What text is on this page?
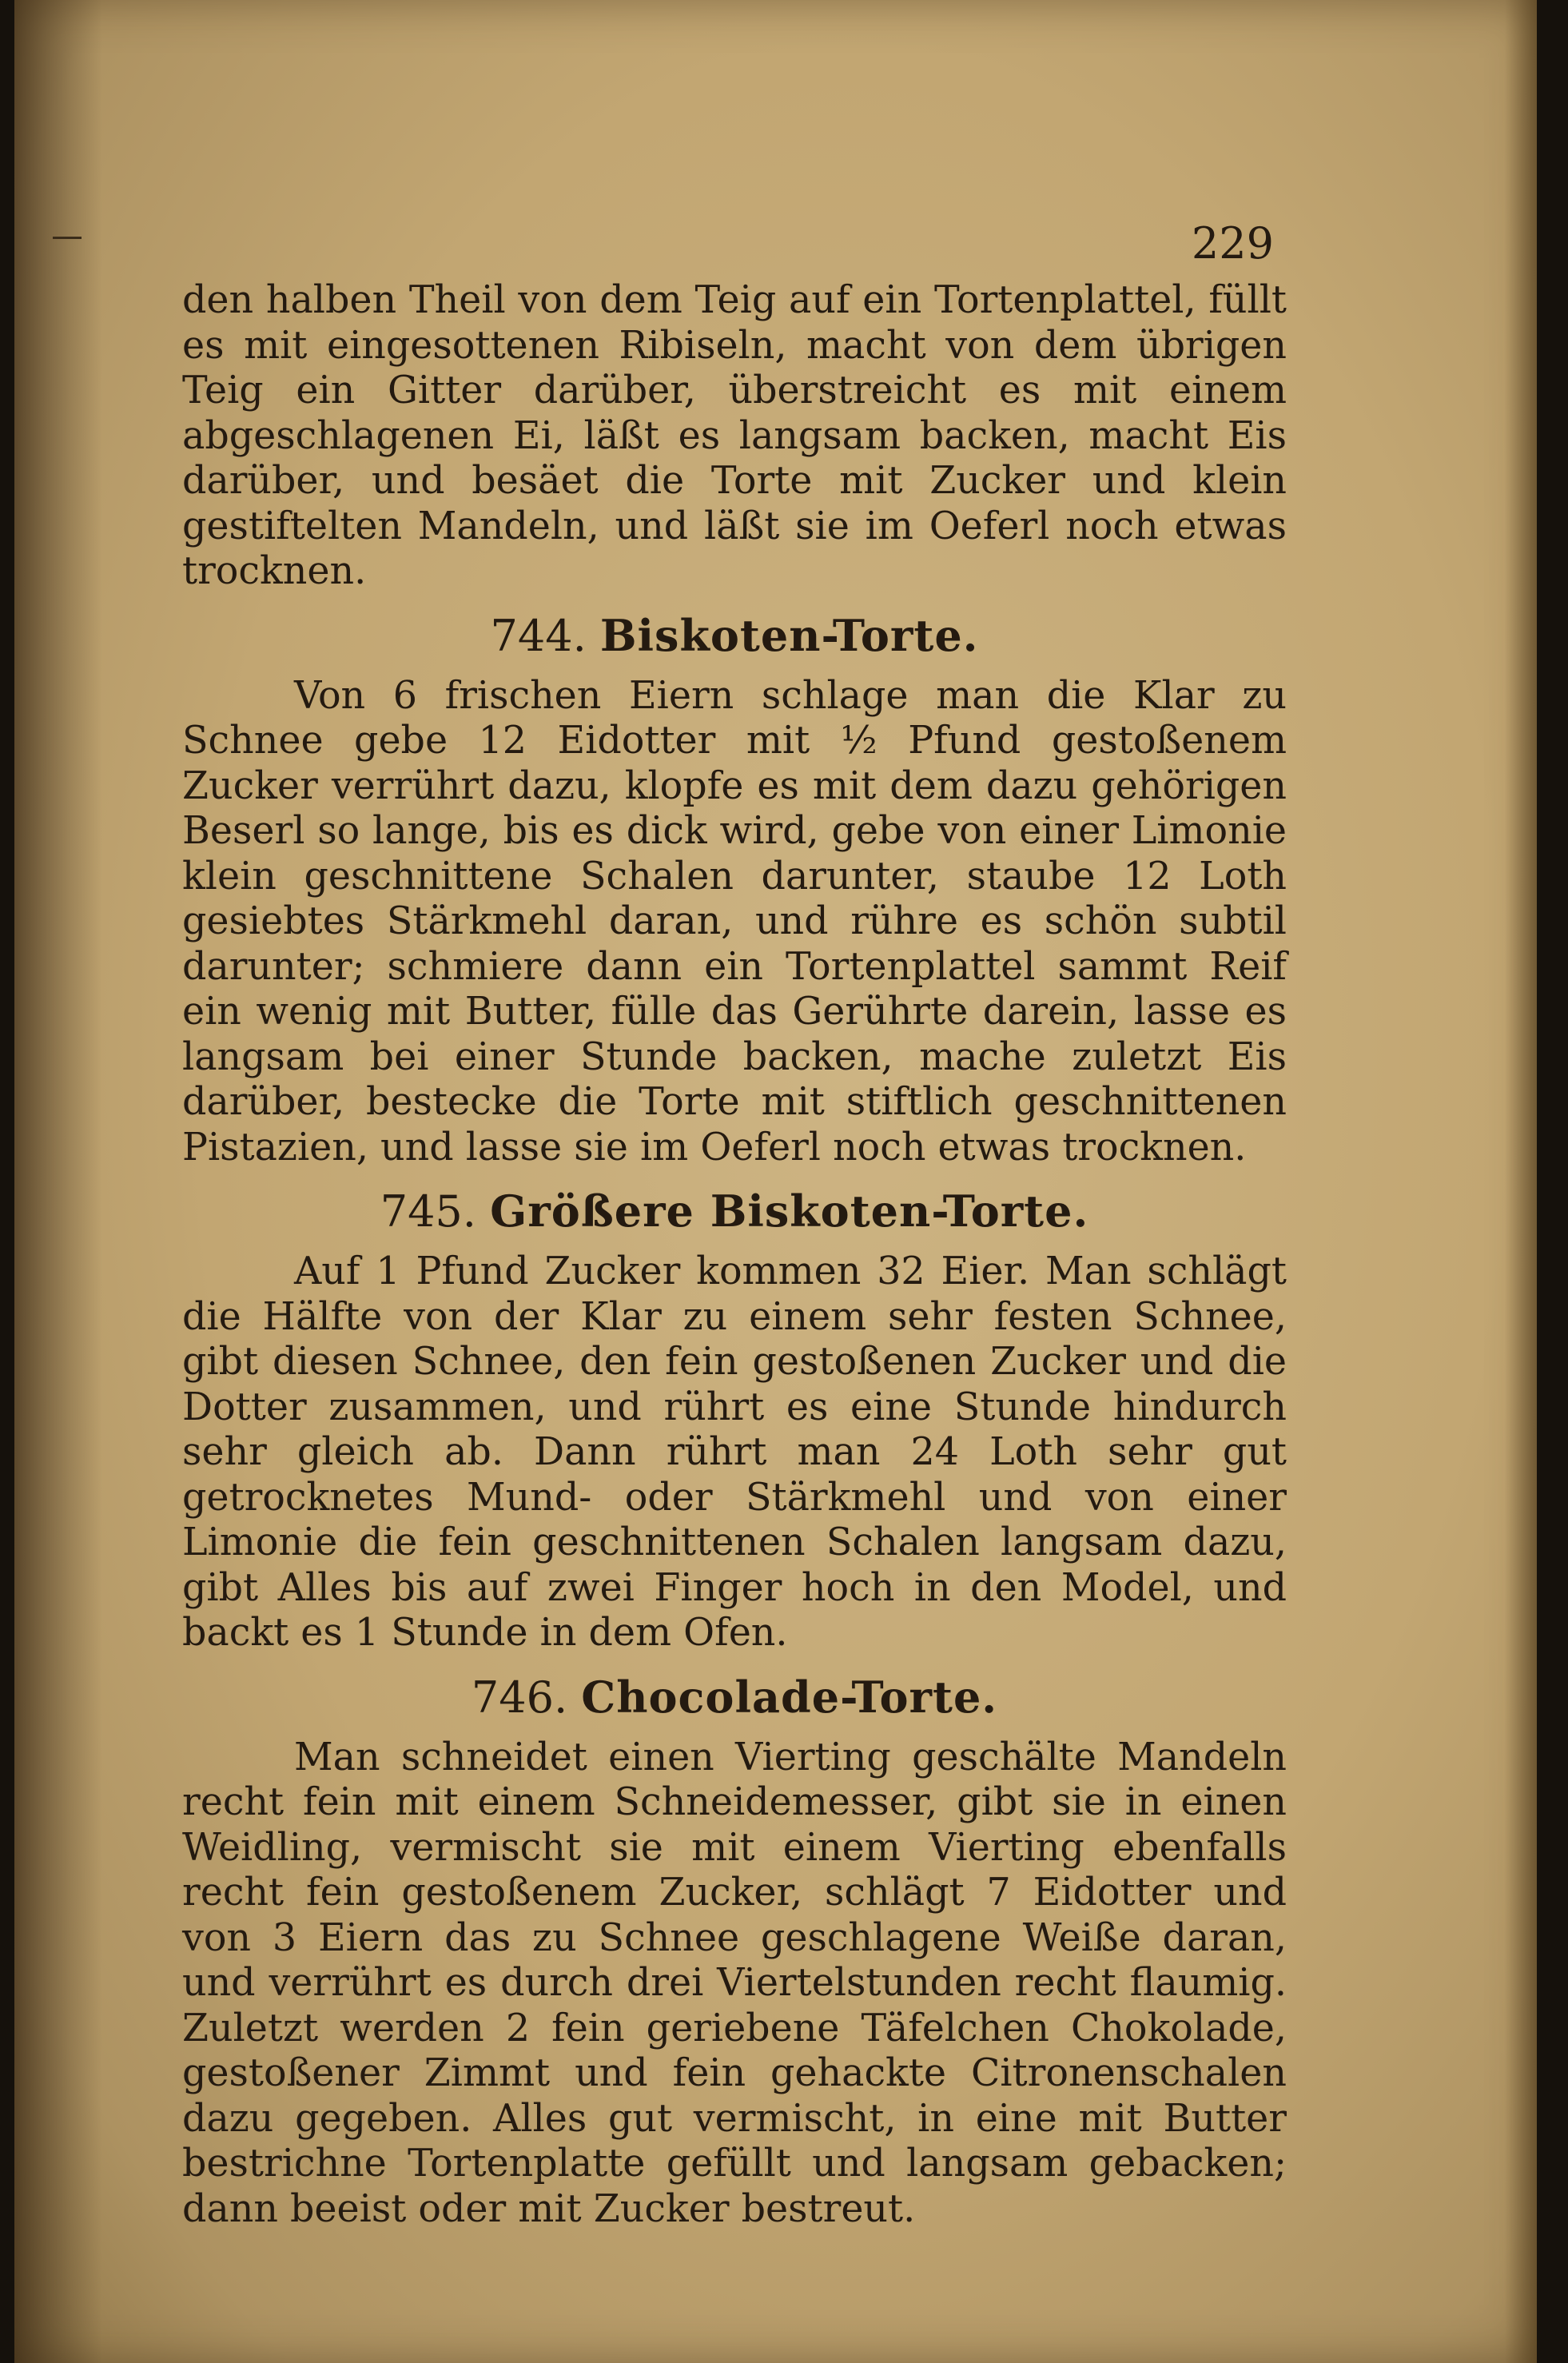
229

den halben Theil von dem Teig auf ein Tortenplattel, füllt es mit eingesottenen Ribiseln, macht von dem übrigen Teig ein Gitter darüber, überstreicht es mit einem abgeschlagenen Ei, läßt es langsam backen, macht Eis darüber, und besäet die Torte mit Zucker und klein gestiftelten Mandeln, und läßt sie im Oeferl noch etwas trocknen.

744. Biskoten-Torte.

Von 6 frischen Eiern schlage man die Klar zu Schnee gebe 12 Eidotter mit ½ Pfund gestoßenem Zucker verrührt dazu, klopfe es mit dem dazu gehörigen Beserl so lange, bis es dick wird, gebe von einer Limonie klein geschnittene Schalen darunter, staube 12 Loth gesiebtes Stärkmehl daran, und rühre es schön subtil darunter; schmiere dann ein Tortenplattel sammt Reif ein wenig mit Butter, fülle das Gerührte darein, lasse es langsam bei einer Stunde backen, mache zuletzt Eis darüber, bestecke die Torte mit stiftlich geschnittenen Pistazien, und lasse sie im Oeferl noch etwas trocknen.

745. Größere Biskoten-Torte.

Auf 1 Pfund Zucker kommen 32 Eier. Man schlägt die Hälfte von der Klar zu einem sehr festen Schnee, gibt diesen Schnee, den fein gestoßenen Zucker und die Dotter zusammen, und rührt es eine Stunde hindurch sehr gleich ab. Dann rührt man 24 Loth sehr gut getrocknetes Mund- oder Stärkmehl und von einer Limonie die fein geschnittenen Schalen langsam dazu, gibt Alles bis auf zwei Finger hoch in den Model, und backt es 1 Stunde in dem Ofen.

746. Chocolade-Torte.

Man schneidet einen Vierting geschälte Mandeln recht fein mit einem Schneidemesser, gibt sie in einen Weidling, vermischt sie mit einem Vierting ebenfalls recht fein gestoßenem Zucker, schlägt 7 Eidotter und von 3 Eiern das zu Schnee geschlagene Weiße daran, und verrührt es durch drei Viertelstunden recht flaumig. Zuletzt werden 2 fein geriebene Täfelchen Chokolade, gestoßener Zimmt und fein gehackte Citronenschalen dazu gegeben. Alles gut vermischt, in eine mit Butter bestrichne Tortenplatte gefüllt und langsam gebacken; dann beeist oder mit Zucker bestreut.
